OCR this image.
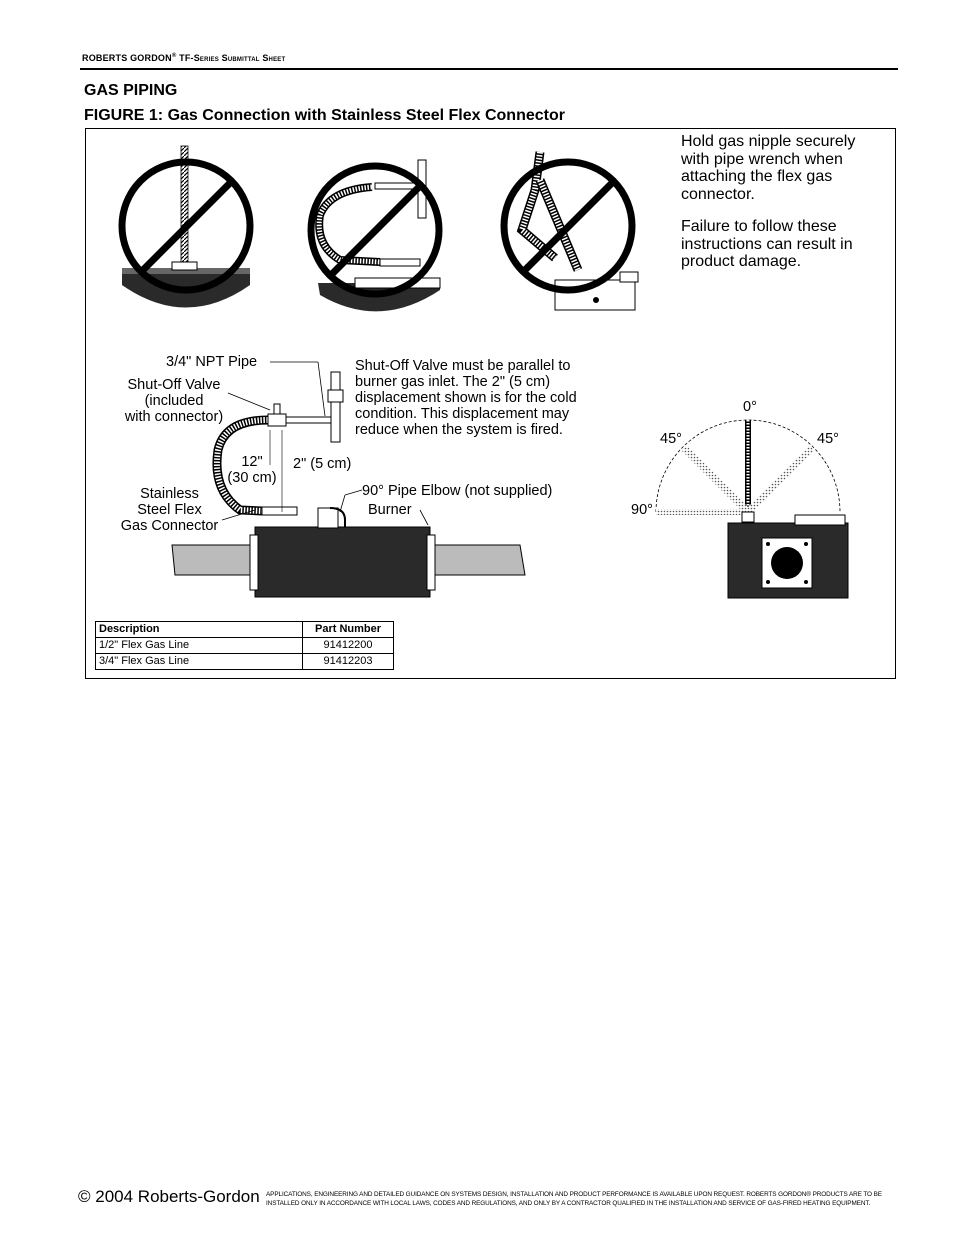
ROBERTS GORDON® TF-Series Submittal Sheet
GAS PIPING
FIGURE 1: Gas Connection with Stainless Steel Flex Connector
Hold gas nipple securely with pipe wrench when attaching the flex gas connector.
Failure to follow these instructions can result in product damage.
3/4" NPT Pipe
Shut-Off Valve
(included
with connector)
Shut-Off Valve must be parallel to burner gas inlet. The 2" (5 cm) displacement shown is for the cold condition. This displacement may reduce when the system is fired.
12"
(30 cm)
2" (5 cm)
Stainless
Steel Flex
Gas Connector
90° Pipe Elbow (not supplied)
Burner
0°
45°	45°
90°
Description	Part Number
1/2" Flex Gas Line	91412200
3/4" Flex Gas Line	91412203
© 2004 Roberts-Gordon APPLICATIONS, ENGINEERING AND DETAILED GUIDANCE ON SYSTEMS DESIGN, INSTALLATION AND PRODUCT PERFORMANCE IS AVAILABLE UPON REQUEST. ROBERTS GORDON® PRODUCTS ARE TO BE INSTALLED ONLY IN ACCORDANCE WITH LOCAL LAWS, CODES AND REGULATIONS, AND ONLY BY A CONTRACTOR QUALIFIED IN THE INSTALLATION AND SERVICE OF GAS-FIRED HEATING EQUIPMENT.
